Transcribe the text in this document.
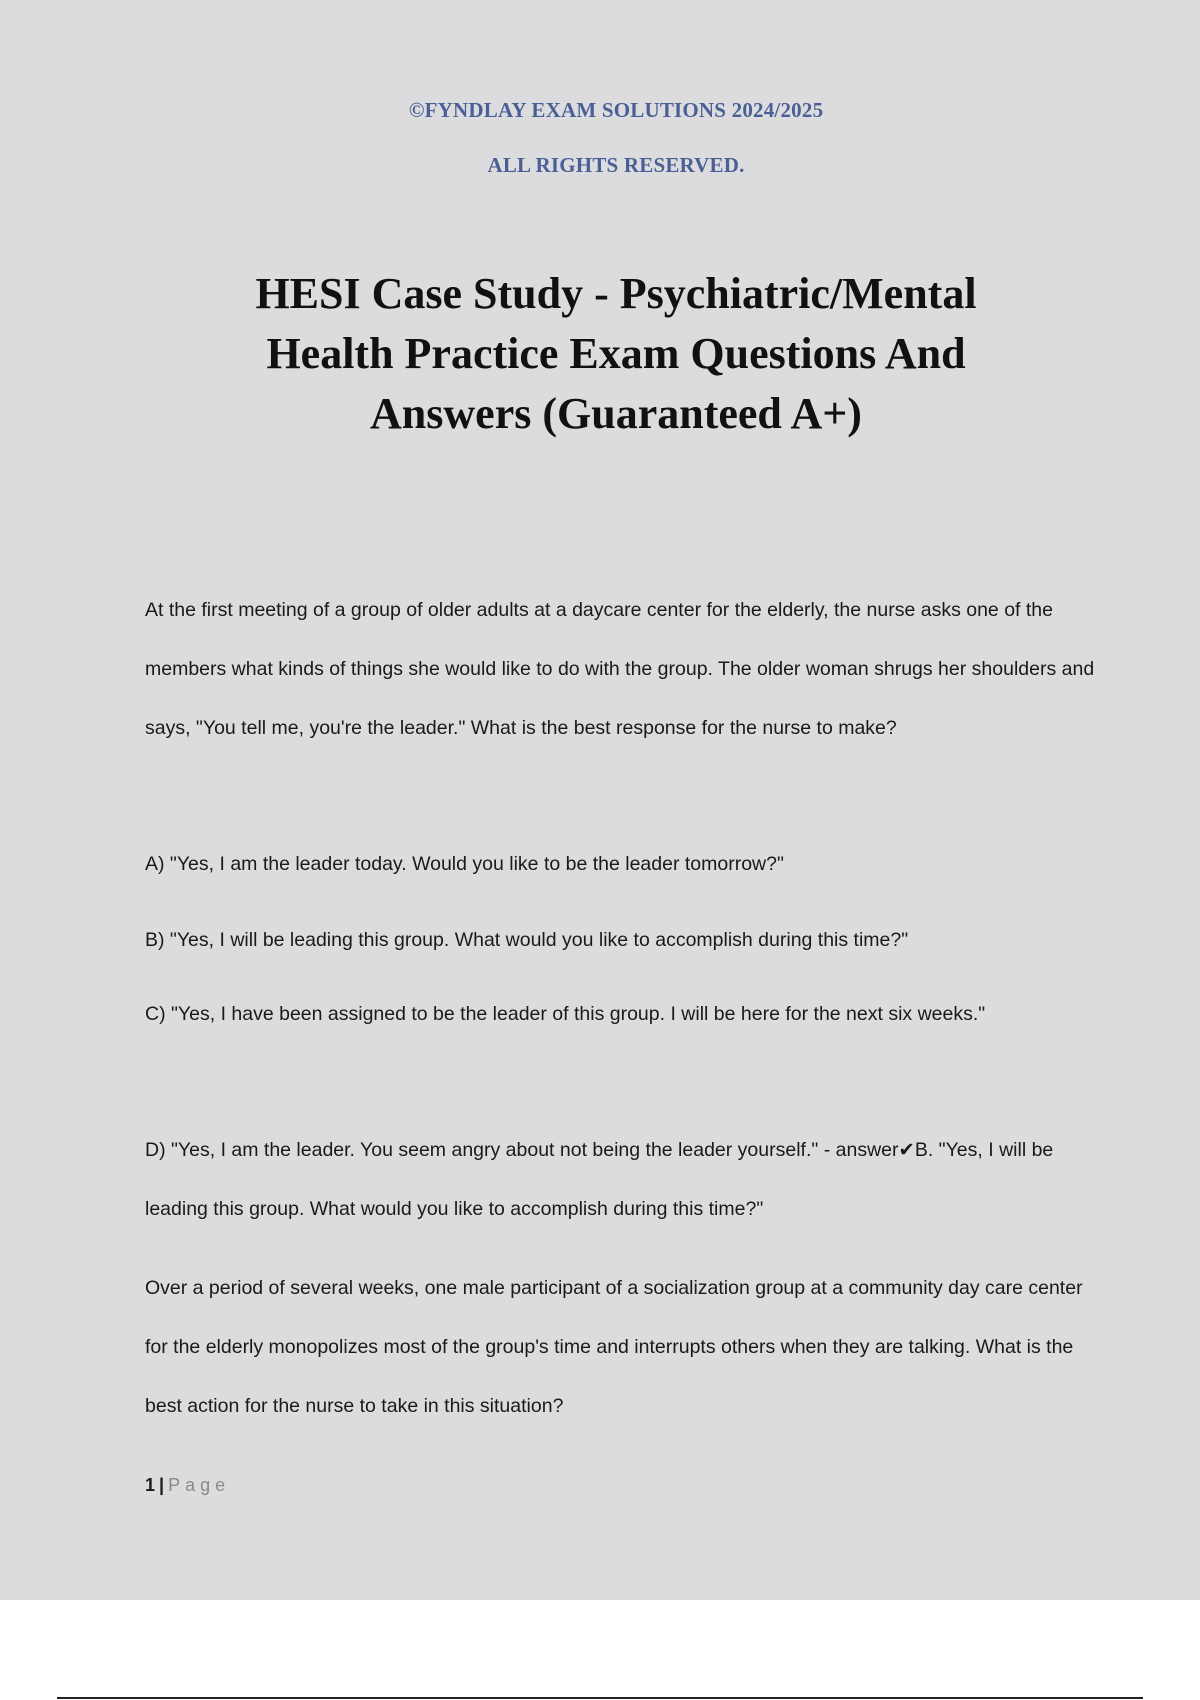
©FYNDLAY EXAM SOLUTIONS 2024/2025
ALL RIGHTS RESERVED.
HESI Case Study - Psychiatric/Mental
Health Practice Exam Questions And
Answers (Guaranteed A+)

At the first meeting of a group of older adults at a daycare center for the elderly, the nurse asks one of the members what kinds of things she would like to do with the group. The older woman shrugs her shoulders and says, "You tell me, you're the leader." What is the best response for the nurse to make?

A) "Yes, I am the leader today. Would you like to be the leader tomorrow?"

B) "Yes, I will be leading this group. What would you like to accomplish during this time?"

C) "Yes, I have been assigned to be the leader of this group. I will be here for the next six weeks."

D) "Yes, I am the leader. You seem angry about not being the leader yourself." - answer✔B. "Yes, I will be leading this group. What would you like to accomplish during this time?"

Over a period of several weeks, one male participant of a socialization group at a community day care center for the elderly monopolizes most of the group's time and interrupts others when they are talking. What is the best action for the nurse to take in this situation?

1 | Page
